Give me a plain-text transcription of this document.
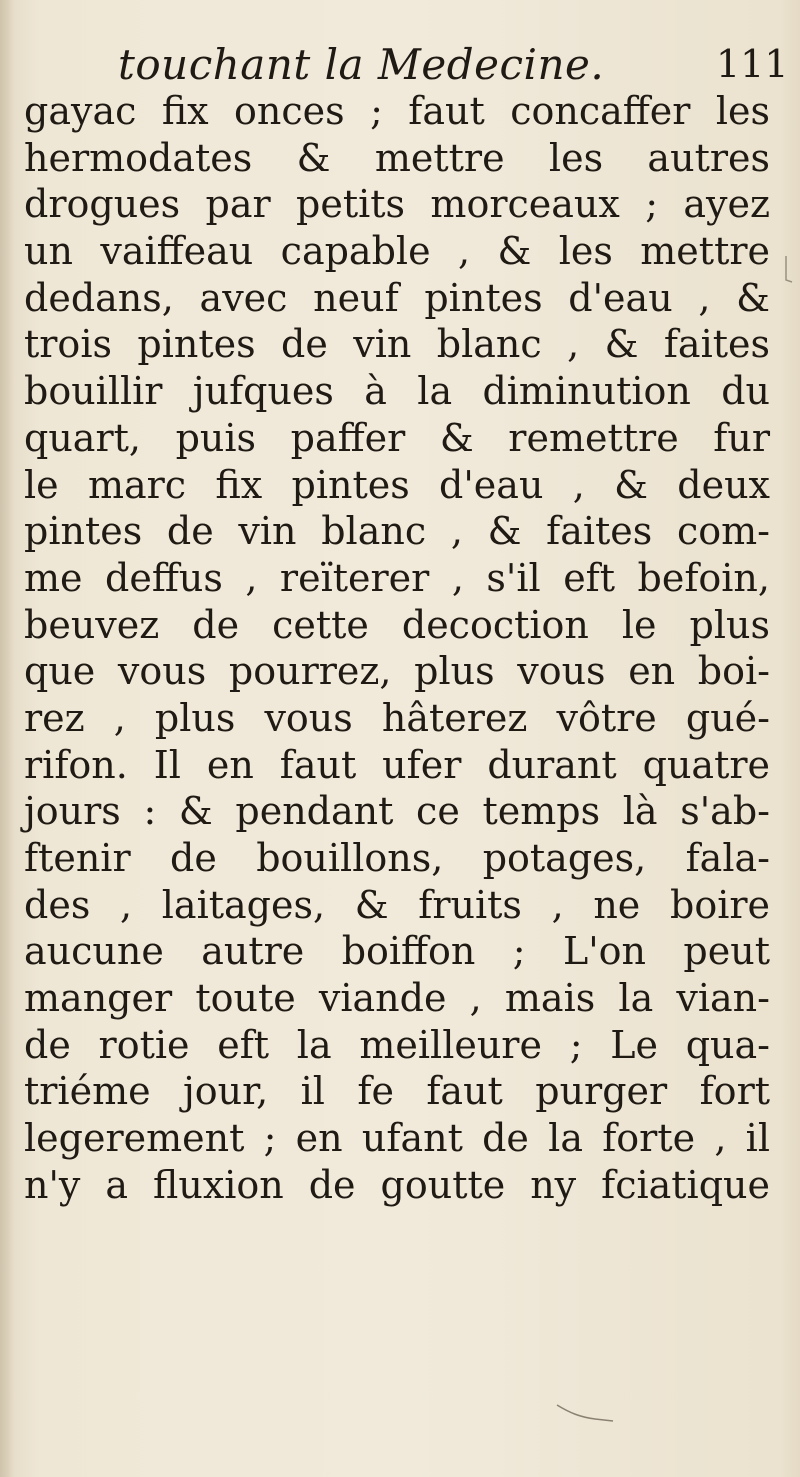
touchant la Medecine.	111
gayac fix onces ; faut concaffer les
hermodates & mettre les autres
drogues par petits morceaux ; ayez
un vaiffeau capable , & les mettre
dedans, avec neuf pintes d'eau , &
trois pintes de vin blanc , & faites
bouillir jufques à la diminution du
quart, puis paffer & remettre fur
le marc fix pintes d'eau , & deux
pintes de vin blanc , & faites com-
me deffus , reïterer , s'il eft befoin,
beuvez de cette decoction le plus
que vous pourrez, plus vous en boi-
rez , plus vous hâterez vôtre gué-
rifon. Il en faut ufer durant quatre
jours : & pendant ce temps là s'ab-
ftenir de bouillons, potages, fala-
des , laitages, & fruits , ne boire
aucune autre boiffon ; L'on peut
manger toute viande , mais la vian-
de rotie eft la meilleure ; Le qua-
triéme jour, il fe faut purger fort
legerement ; en ufant de la forte , il
n'y a fluxion de goutte ny fciatique
